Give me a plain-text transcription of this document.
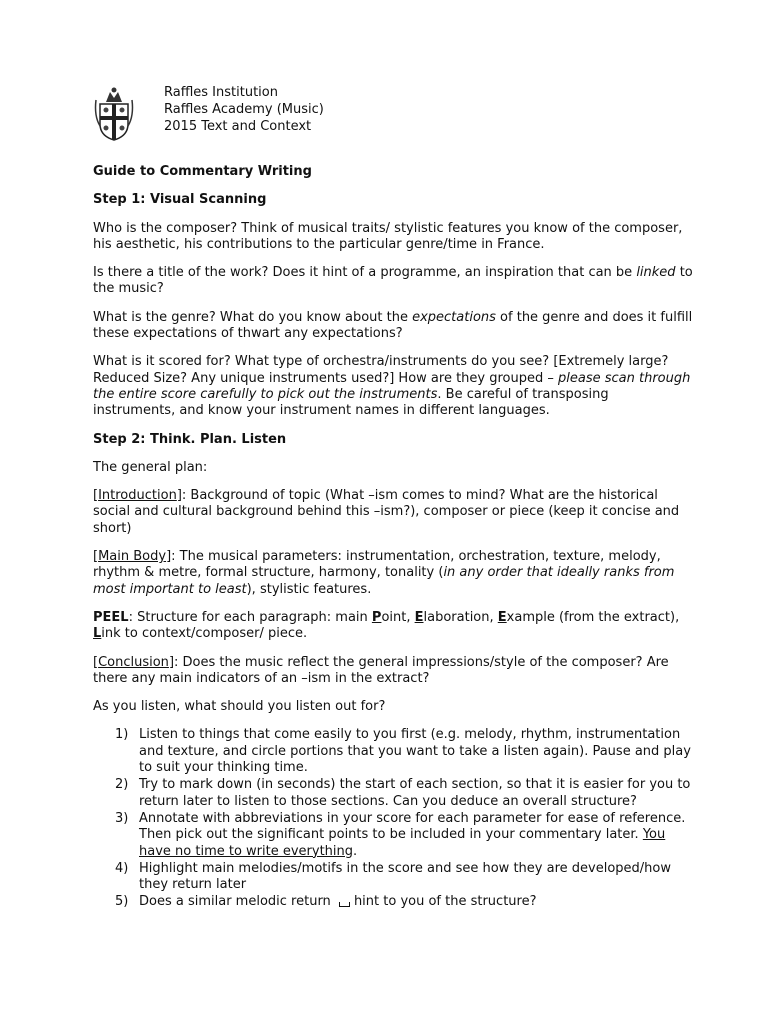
Raffles Institution
Raffles Academy (Music)
2015 Text and Context

Guide to Commentary Writing

Step 1: Visual Scanning

Who is the composer? Think of musical traits/ stylistic features you know of the composer, his aesthetic, his contributions to the particular genre/time in France.

Is there a title of the work? Does it hint of a programme, an inspiration that can be linked to the music?

What is the genre? What do you know about the expectations of the genre and does it fulfill these expectations of thwart any expectations?

What is it scored for? What type of orchestra/instruments do you see? [Extremely large? Reduced Size? Any unique instruments used?] How are they grouped – please scan through the entire score carefully to pick out the instruments. Be careful of transposing instruments, and know your instrument names in different languages.

Step 2: Think. Plan. Listen

The general plan:

[Introduction]: Background of topic (What –ism comes to mind? What are the historical social and cultural background behind this –ism?), composer or piece (keep it concise and short)

[Main Body]: The musical parameters: instrumentation, orchestration, texture, melody, rhythm & metre, formal structure, harmony, tonality (in any order that ideally ranks from most important to least), stylistic features.

PEEL: Structure for each paragraph: main Point, Elaboration, Example (from the extract), Link to context/composer/ piece.

[Conclusion]: Does the music reflect the general impressions/style of the composer? Are there any main indicators of an –ism in the extract?

As you listen, what should you listen out for?

1) Listen to things that come easily to you first (e.g. melody, rhythm, instrumentation and texture, and circle portions that you want to take a listen again). Pause and play to suit your thinking time.
2) Try to mark down (in seconds) the start of each section, so that it is easier for you to return later to listen to those sections. Can you deduce an overall structure?
3) Annotate with abbreviations in your score for each parameter for ease of reference. Then pick out the significant points to be included in your commentary later. You have no time to write everything.
4) Highlight main melodies/motifs in the score and see how they are developed/how they return later
5) Does a similar melodic return hint to you of the structure?
